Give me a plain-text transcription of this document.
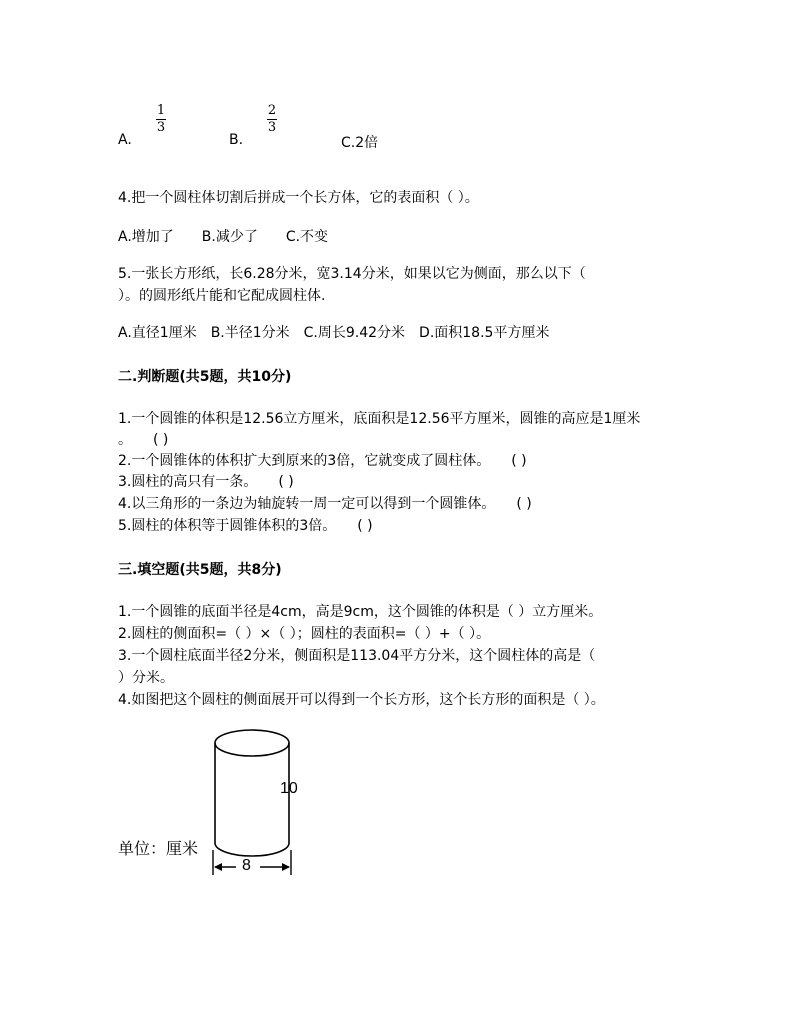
A.
1
3
B.
2
3
C.2倍
4.把一个圆柱体切割后拼成一个长方体，它的表面积（ ）。
A.增加了　　B.减少了　　C.不变
5.一张长方形纸，长6.28分米，宽3.14分米，如果以它为侧面，那么以下（
）。的圆形纸片能和它配成圆柱体.
A.直径1厘米　B.半径1分米　C.周长9.42分米　D.面积18.5平方厘米
二.判断题(共5题，共10分)
1.一个圆锥的体积是12.56立方厘米，底面积是12.56平方厘米，圆锥的高应是1厘米
。　　( )
2.一个圆锥体的体积扩大到原来的3倍，它就变成了圆柱体。　　( )
3.圆柱的高只有一条。　　( )
4.以三角形的一条边为轴旋转一周一定可以得到一个圆锥体。　　( )
5.圆柱的体积等于圆锥体积的3倍。　　( )
三.填空题(共5题，共8分)
1.一个圆锥的底面半径是4cm，高是9cm，这个圆锥的体积是（ ）立方厘米。
2.圆柱的侧面积=（ ）×（ ）；圆柱的表面积=（ ）+（ ）。
3.一个圆柱底面半径2分米，侧面积是113.04平方分米，这个圆柱体的高是（
）分米。
4.如图把这个圆柱的侧面展开可以得到一个长方形，这个长方形的面积是（ ）。
10
8
单位：厘米
